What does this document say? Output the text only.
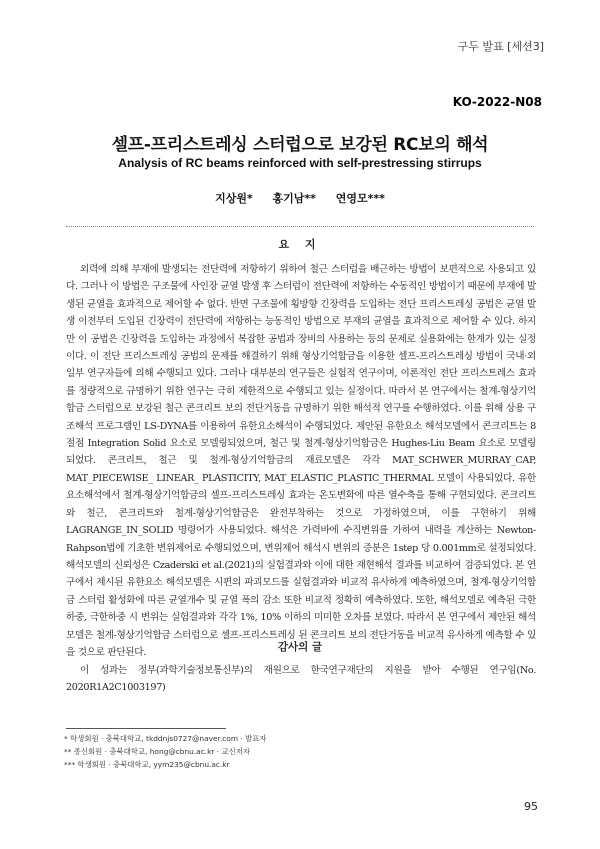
구두 발표 [세션3]
KO-2022-N08
셀프-프리스트레싱 스터럽으로 보강된 RC보의 해석
Analysis of RC beams reinforced with self-prestressing stirrups
지상원* 홍기남** 연영모***
요 지
외력에 의해 부재에 발생되는 전단력에 저항하기 위하여 철근 스터럽을 배근하는 방법이 보편적으로 사용되고 있다. 그러나 이 방법은 구조물에 사인장 균열 발생 후 스터럽이 전단력에 저항하는 수동적인 방법이기 때문에 부재에 발생된 균열을 효과적으로 제어할 수 없다. 반면 구조물에 횡방향 긴장력을 도입하는 전단 프리스트레싱 공법은 균열 발생 이전부터 도입된 긴장력이 전단력에 저항하는 능동적인 방법으로 부재의 균열을 효과적으로 제어할 수 있다. 하지만 이 공법은 긴장력을 도입하는 과정에서 복잡한 공법과 장비의 사용하는 등의 문제로 실용화에는 한계가 있는 실정이다. 이 전단 프리스트레싱 공법의 문제를 해결하기 위해 형상기억합금을 이용한 셀프-프리스트레싱 방법이 국내·외 일부 연구자들에 의해 수행되고 있다. 그러나 대부분의 연구들은 실험적 연구이며, 이론적인 전단 프리스트레스 효과를 정량적으로 규명하기 위한 연구는 극히 제한적으로 수행되고 있는 실정이다. 따라서 본 연구에서는 철계-형상기억합금 스터럽으로 보강된 철근 콘크리트 보의 전단거동을 규명하기 위한 해석적 연구를 수행하였다. 이를 위해 상용 구조해석 프로그램인 LS-DYNA를 이용하여 유한요소해석이 수행되었다. 제안된 유한요소 해석모델에서 콘크리트는 8절점 Integration Solid 요소로 모델링되었으며, 철근 및 철계-형상기억합금은 Hughes-Liu Beam 요소로 모델링 되었다. 콘크리트, 철근 및 철계-형상기억합금의 재료모델은 각각 MAT_SCHWER_MURRAY_CAP, MAT_PIECEWISE_ LINEAR_ PLASTICITY, MAT_ELASTIC_PLASTIC_THERMAL 모델이 사용되었다. 유한요소해석에서 철계-형상기억합금의 셀프-프리스트레싱 효과는 온도변화에 따른 열수축을 통해 구현되었다. 콘크리트와 철근, 콘크리트와 철계-형상기억합금은 완전부착하는 것으로 가정하였으며, 이를 구현하기 위해 LAGRANGE_IN_SOLID 명령어가 사용되었다. 해석은 가력바에 수직변위를 가하여 내력을 계산하는 Newton-Rahpson법에 기초한 변위제어로 수행되었으며, 변위제어 해석시 변위의 증분은 1step 당 0.001mm로 설정되었다. 해석모델의 신뢰성은 Czaderski et al.(2021)의 실험결과와 이에 대한 재현해석 결과를 비교하여 검증되었다. 본 연구에서 제시된 유한요소 해석모델은 시편의 파괴모드를 실험결과와 비교적 유사하게 예측하였으며, 철계-형상기억합금 스터럽 활성화에 따른 균열개수 및 균열 폭의 감소 또한 비교적 정확히 예측하였다. 또한, 해석모델로 예측된 극한하중, 극한하중 시 변위는 실험결과와 각각 1%, 10% 이하의 미미한 오차를 보였다. 따라서 본 연구에서 제안된 해석모델은 철계-형상기억합금 스터럽으로 셀프-프리스트레싱 된 콘크리트 보의 전단거동을 비교적 유사하게 예측할 수 있을 것으로 판단된다.	감사의 글
이 성과는 정부(과학기술정보통신부)의 재원으로 한국연구재단의 지원을 받아 수행된 연구임(No. 2020R1A2C1003197)
* 학생회원 · 충북대학교, tkddnjs0727@naver.com · 발표자
** 종신회원 · 충북대학교, hong@cbnu.ac.kr · 교신저자
*** 학생회원 · 충북대학교, yym235@cbnu.ac.kr
95
